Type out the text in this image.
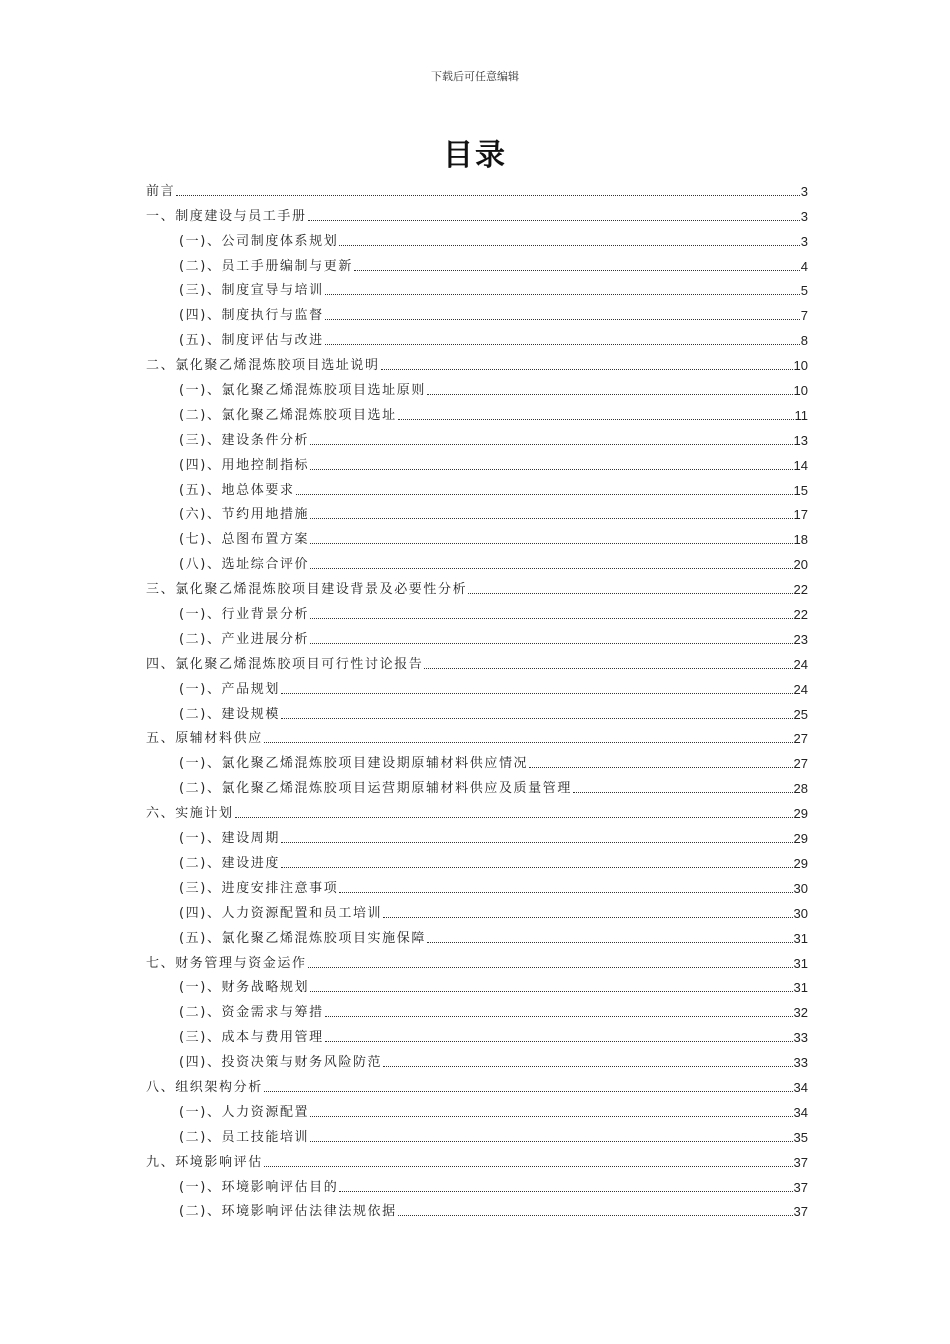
下载后可任意编辑
目录
前言	3
一、制度建设与员工手册	3
(一)、公司制度体系规划	3
(二)、员工手册编制与更新	4
(三)、制度宣导与培训	5
(四)、制度执行与监督	7
(五)、制度评估与改进	8
二、氯化聚乙烯混炼胶项目选址说明	10
(一)、氯化聚乙烯混炼胶项目选址原则	10
(二)、氯化聚乙烯混炼胶项目选址	11
(三)、建设条件分析	13
(四)、用地控制指标	14
(五)、地总体要求	15
(六)、节约用地措施	17
(七)、总图布置方案	18
(八)、选址综合评价	20
三、氯化聚乙烯混炼胶项目建设背景及必要性分析	22
(一)、行业背景分析	22
(二)、产业进展分析	23
四、氯化聚乙烯混炼胶项目可行性讨论报告	24
(一)、产品规划	24
(二)、建设规模	25
五、原辅材料供应	27
(一)、氯化聚乙烯混炼胶项目建设期原辅材料供应情况	27
(二)、氯化聚乙烯混炼胶项目运营期原辅材料供应及质量管理	28
六、实施计划	29
(一)、建设周期	29
(二)、建设进度	29
(三)、进度安排注意事项	30
(四)、人力资源配置和员工培训	30
(五)、氯化聚乙烯混炼胶项目实施保障	31
七、财务管理与资金运作	31
(一)、财务战略规划	31
(二)、资金需求与筹措	32
(三)、成本与费用管理	33
(四)、投资决策与财务风险防范	33
八、组织架构分析	34
(一)、人力资源配置	34
(二)、员工技能培训	35
九、环境影响评估	37
(一)、环境影响评估目的	37
(二)、环境影响评估法律法规依据	37
